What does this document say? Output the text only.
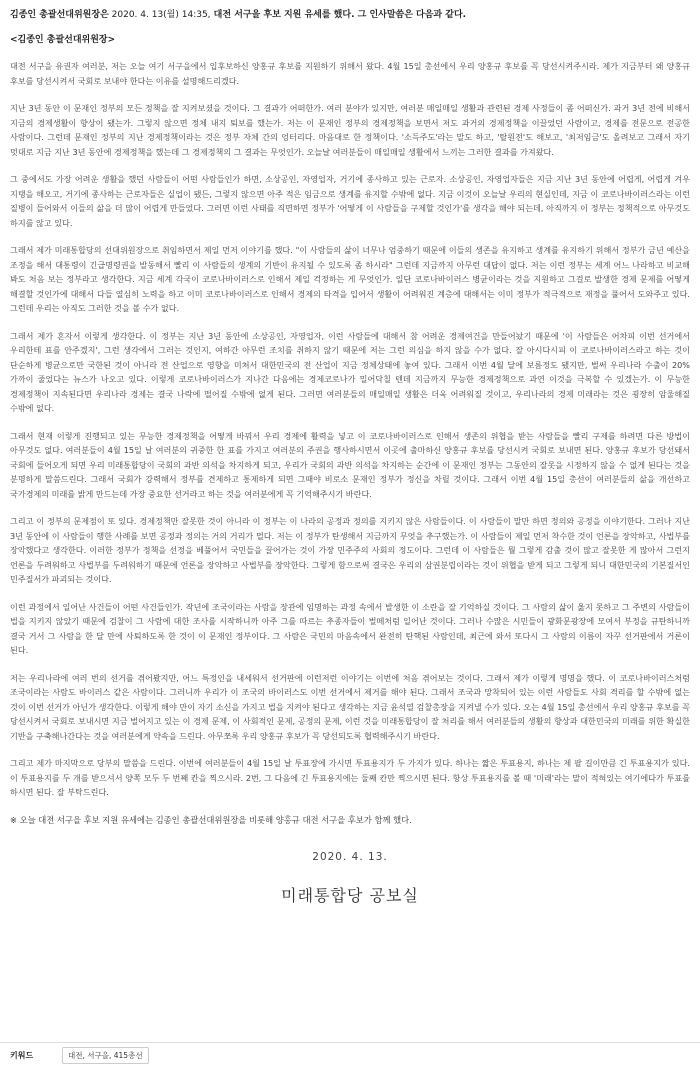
김종인 총괄선대위원장은 2020. 4. 13(월) 14:35, 대전 서구을 후보 지원 유세를 했다. 그 인사말씀은 다음과 같다.

<김종인 총괄선대위원장>

대전 서구을 유권자 여러분, 저는 오늘 여기 서구을에서 입후보하신 양홍규 후보를 지원하기 위해서 왔다. 4월 15일 총선에서 우리 양홍규 후보를 꼭 당선시켜주시라. 제가 지금부터 왜 양홍규 후보를 당선시켜서 국회로 보내야 한다는 이유를 설명해드리겠다.

지난 3년 동안 이 문재인 정부의 모든 정책을 잘 지켜보셨을 것이다. 그 결과가 어떠한가. 여러 분야가 있지만, 여러분 매일매일 생활과 관련된 경제 사정들이 좀 어떠신가. 과거 3년 전에 비해서 지금의 경제생활이 향상이 됐는가. 그렇지 않으면 정체 내지 퇴보를 했는가. 저는 이 문재인 정부의 경제정책을 보면서 저도 과거의 경제정책을 이끌었던 사람이고, 경제를 전문으로 전공한 사람이다. 그런데 문재인 정부의 지난 경제정책이라는 것은 정부 자체 간의 엉터리다. 마음대로 한 정책이다. '소득주도'라는 말도 하고, '탈원전'도 해보고, '최저임금'도 올려보고 그래서 자기 멋대로 지금 지난 3년 동안에 경제정책을 했는데 그 경제정책의 그 결과는 무엇인가. 오늘날 여러분들이 매일매일 생활에서 느끼는 그러한 결과를 가져왔다.

그 중에서도 가장 어려운 생활을 했던 사람들이 어떤 사람들인가 하면, 소상공인, 자영업자, 거기에 종사하고 있는 근로자. 소상공인, 자영업자들은 지금 지난 3년 동안에 어렵게, 어렵게 겨우 지탱을 해오고, 거기에 종사하는 근로자들은 실업이 됐든, 그렇지 않으면 아주 적은 임금으로 생계를 유지할 수밖에 없다. 지금 이것이 오늘날 우리의 현실인데, 지금 이 코로나바이러스라는 이런 질병이 들어와서 이들의 삶을 더 많이 어렵게 만들었다. 그러면 이런 사태를 직면하면 정부가 '어떻게 이 사람들을 구제할 것인가'를 생각을 해야 되는데, 아직까지 이 정부는 정책적으로 아무것도 하지를 않고 있다.

그래서 제가 미래통합당의 선대위원장으로 취임하면서 제일 먼저 이야기를 했다. "이 사람들의 삶이 너무나 엄중하기 때문에 이들의 생존을 유지하고 생계를 유지하기 위해서 정부가 금년 예산을 조정을 해서 대통령이 긴급명령권을 발동해서 빨리 이 사람들의 생계의 기반이 유지될 수 있도록 좀 하시라" 그런데 지금까지 아무런 대답이 없다. 저는 이런 정부는 세계 어느 나라하고 비교해 봐도 처음 보는 정부라고 생각한다. 지금 세계 각국이 코로나바이러스로 인해서 제일 걱정하는 게 무엇인가. 일단 코로나바이러스 병균이라는 것을 지원하고 그걸로 발생한 경제 문제를 어떻게 해결할 것인가에 대해서 다들 열심히 노력을 하고 이미 코로나바이러스로 인해서 경제의 타격을 입어서 생활이 어려워진 계층에 대해서는 이미 정부가 적극적으로 재정을 풀어서 도와주고 있다. 그런데 우리는 아직도 그러한 것을 볼 수가 없다.

그래서 제가 혼자서 이렇게 생각한다. 이 정부는 지난 3년 동안에 소상공인, 자영업자, 이런 사람들에 대해서 참 어려운 경제여건을 만들어놨기 때문에 '이 사람들은 어차피 이번 선거에서 우리한테 표를 안주겠지', 그런 생각에서 그러는 것인지, 여하간 아무런 조치를 취하지 않기 때문에 저는 그런 의심을 하지 않을 수가 없다. 잘 아시다시피 이 코로나바이러스라고 하는 것이 단순하게 병균으로만 국한된 것이 아니라 전 산업으로 영향을 미쳐서 대한민국의 전 산업이 지금 정체상태에 놓여 있다. 그래서 이번 4월 달에 보름정도 됐지만, 벌써 우리나라 수출이 20% 가까이 줄었다는 뉴스가 나오고 있다. 이렇게 코로나바이러스가 지나간 다음에는 경제코로나가 밀어닥칠 텐데 지금까지 무능한 경제정책으로 과연 이것을 극복할 수 있겠는가. 이 무능한 경제정책이 지속된다면 우리나라 경제는 결국 나락에 떨어질 수밖에 없게 된다. 그러면 여러분들의 매일매일 생활은 더욱 어려워질 것이고, 우리나라의 경제 미래라는 것은 굉장히 암울해질 수밖에 없다.

그래서 현재 이렇게 진행되고 있는 무능한 경제정책을 어떻게 바꿔서 우리 경제에 활력을 넣고 이 코로나바이러스로 인해서 생존의 위협을 받는 사람들을 빨리 구제를 하려면 다른 방법이 아무것도 없다. 여러분들이 4월 15일 날 여러분의 귀중한 한 표를 가지고 여러분의 주권을 행사하시면서 이곳에 출마하신 양홍규 후보를 당선시켜 국회로 보내면 된다. 양홍규 후보가 당선돼서 국회에 들어오게 되면 우리 미래통합당이 국회의 과반 의석을 차지하게 되고, 우리가 국회의 과반 의석을 차지하는 순간에 이 문재인 정부는 그동안의 잘못을 시정하지 않을 수 없게 된다는 것을 분명하게 말씀드린다. 그래서 국회가 강력해서 정부를 견제하고 통제하게 되면 그때야 비로소 문재인 정부가 정신을 차릴 것이다. 그래서 이번 4월 15일 총선이 여러분들의 삶을 개선하고 국가경제의 미래를 밝게 만드는데 가장 중요한 선거라고 하는 것을 여러분에게 꼭 기억해주시기 바란다.

그리고 이 정부의 문제점이 또 있다. 경제정책만 잘못한 것이 아니라 이 정부는 이 나라의 공정과 정의를 지키지 않은 사람들이다. 이 사람들이 말만 하면 정의와 공정을 이야기한다. 그러나 지난 3년 동안에 이 사람들이 행한 사례를 보면 공정과 정의는 거의 거리가 멀다. 저는 이 정부가 탄생해서 지금까지 무엇을 추구했는가. 이 사람들이 제일 먼저 착수한 것이 언론을 장악하고, 사법부를 장악했다고 생각한다. 이러한 정부가 정책을 선정을 베풀어서 국민들을 끌어가는 것이 가장 민주주의 사회의 정도이다. 그런데 이 사람들은 뭘 그렇게 감출 것이 많고 잘못한 게 많아서 그런지 언론을 두려워하고 사법부를 두려워하기 때문에 언론을 장악하고 사법부를 장악한다. 그렇게 함으로써 결국은 우리의 삼권분립이라는 것이 위협을 받게 되고 그렇게 되니 대한민국의 기본질서인 민주질서가 파괴되는 것이다.

이런 과정에서 일어난 사건들이 어떤 사건들인가. 작년에 조국이라는 사람을 장관에 임명하는 과정 속에서 발생한 이 소란을 잘 기억하실 것이다. 그 사람의 삶이 옳지 못하고 그 주변의 사람들이 법을 지키지 않았기 때문에 검찰이 그 사람에 대한 조사를 시작하니까 아주 그를 따르는 추종자들이 벌떼처럼 일어난 것이다. 그러나 수많은 시민들이 광화문광장에 모여서 부정을 규탄하니까 결국 거서 그 사람을 한 달 만에 사퇴하도록 한 것이 이 문재인 정부이다. 그 사람은 국민의 마음속에서 완전히 탄핵된 사람인데, 최근에 와서 또다시 그 사람의 이름이 자꾸 선거판에서 거론이 된다.

저는 우리나라에 여러 번의 선거를 겪어봤지만, 어느 특정인을 내세워서 선거판에 이런저런 이야기는 이번에 처음 겪어보는 것이다. 그래서 제가 이렇게 명명을 했다. 이 코로나바이러스처럼 조국이라는 사람도 바이러스 같은 사람이다. 그러니까 우리가 이 조국의 바이러스도 이번 선거에서 제거를 해야 된다. 그래서 조국과 망착되어 있는 이런 사람들도 사회 격리를 할 수밖에 없는 것이 이번 선거가 아닌가 생각한다. 이렇게 해야 만이 자기 소신을 가지고 법을 지켜야 된다고 생각하는 지금 윤석열 검찰총장을 지켜낼 수가 있다. 오는 4월 15일 총선에서 우리 양홍규 후보를 꼭 당선시켜서 국회로 보내시면 지금 벌어지고 있는 이 경제 문제, 이 사회적인 문제, 공정의 문제, 이런 것을 미래통합당이 잘 처리를 해서 여러분들의 생활의 향상과 대한민국의 미래를 위한 확실한 기반을 구축해나간다는 것을 여러분에게 약속을 드린다. 아무쪼록 우리 양홍규 후보가 꼭 당선되도록 협력해주시기 바란다.

그리고 제가 마지막으로 당부의 말씀을 드린다. 이번에 여러분들이 4월 15일 날 투표장에 가시면 투표용지가 두 가지가 있다. 하나는 짧은 투표용지, 하나는 제 팔 길이만큼 긴 투표용지가 있다. 이 투표용지를 두 개를 받으셔서 양쪽 모두 두 번째 칸을 찍으시라. 2번, 그 다음에 긴 투표용지에는 둘째 칸만 찍으시면 된다. 항상 투표용지를 볼 때 '미래'라는 말이 적혀있는 여기에다가 투표를 하시면 된다. 잘 부탁드린다.

※ 오늘 대전 서구을 후보 지원 유세에는 김종인 총괄선대위원장을 비롯해 양홍규 대전 서구을 후보가 함께 했다.
2020. 4. 13.
미래통합당 공보실
키워드	대전, 서구을, 415총선
